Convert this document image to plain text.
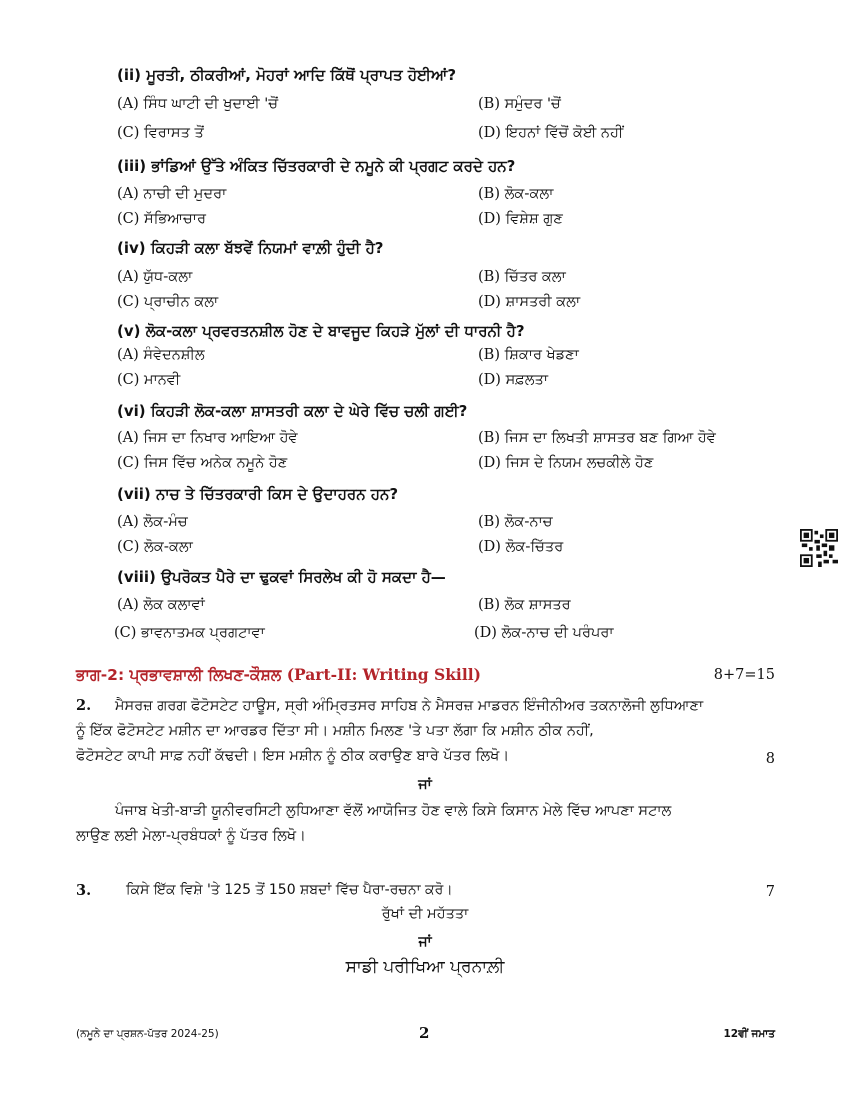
(ii) ਮੂਰਤੀ, ਠੀਕਰੀਆਂ, ਮੋਹਰਾਂ ਆਦਿ ਕਿੱਥੋਂ ਪ੍ਰਾਪਤ ਹੋਈਆਂ?
(A) ਸਿੰਧ ਘਾਟੀ ਦੀ ਖੁਦਾਈ 'ਚੋਂ	(B) ਸਮੁੰਦਰ 'ਚੋਂ
(C) ਵਿਰਾਸਤ ਤੋਂ	(D) ਇਹਨਾਂ ਵਿੱਚੋਂ ਕੋਈ ਨਹੀਂ
(iii) ਭਾਂਡਿਆਂ ਉੱਤੇ ਅੰਕਿਤ ਚਿੱਤਰਕਾਰੀ ਦੇ ਨਮੂਨੇ ਕੀ ਪ੍ਰਗਟ ਕਰਦੇ ਹਨ?
(A) ਨਾਚੀ ਦੀ ਮੁਦਰਾ	(B) ਲੋਕ-ਕਲਾ
(C) ਸੱਭਿਆਚਾਰ	(D) ਵਿਸ਼ੇਸ਼ ਗੁਣ
(iv) ਕਿਹੜੀ ਕਲਾ ਬੱਝਵੇਂ ਨਿਯਮਾਂ ਵਾਲ਼ੀ ਹੁੰਦੀ ਹੈ?
(A) ਯੁੱਧ-ਕਲਾ	(B) ਚਿੱਤਰ ਕਲਾ
(C) ਪ੍ਰਾਚੀਨ ਕਲਾ	(D) ਸ਼ਾਸਤਰੀ ਕਲਾ
(v) ਲੋਕ-ਕਲਾ ਪ੍ਰਵਰਤਨਸ਼ੀਲ ਹੋਣ ਦੇ ਬਾਵਜੂਦ ਕਿਹੜੇ ਮੁੱਲਾਂ ਦੀ ਧਾਰਨੀ ਹੈ?
(A) ਸੰਵੇਦਨਸ਼ੀਲ	(B) ਸ਼ਿਕਾਰ ਖੇਡਣਾ
(C) ਮਾਨਵੀ	(D) ਸਫ਼ਲਤਾ
(vi) ਕਿਹੜੀ ਲੋਕ-ਕਲਾ ਸ਼ਾਸਤਰੀ ਕਲਾ ਦੇ ਘੇਰੇ ਵਿੱਚ ਚਲੀ ਗਈ?
(A) ਜਿਸ ਦਾ ਨਿਖਾਰ ਆਇਆ ਹੋਵੇ	(B) ਜਿਸ ਦਾ ਲਿਖਤੀ ਸ਼ਾਸਤਰ ਬਣ ਗਿਆ ਹੋਵੇ
(C) ਜਿਸ ਵਿੱਚ ਅਨੇਕ ਨਮੂਨੇ ਹੋਣ	(D) ਜਿਸ ਦੇ ਨਿਯਮ ਲਚਕੀਲੇ ਹੋਣ
(vii) ਨਾਚ ਤੇ ਚਿੱਤਰਕਾਰੀ ਕਿਸ ਦੇ ਉਦਾਹਰਨ ਹਨ?
(A) ਲੋਕ-ਮੰਚ	(B) ਲੋਕ-ਨਾਚ
(C) ਲੋਕ-ਕਲਾ	(D) ਲੋਕ-ਚਿੱਤਰ
(viii) ਉਪਰੋਕਤ ਪੈਰੇ ਦਾ ਢੁਕਵਾਂ ਸਿਰਲੇਖ ਕੀ ਹੋ ਸਕਦਾ ਹੈ—
(A) ਲੋਕ ਕਲਾਵਾਂ	(B) ਲੋਕ ਸ਼ਾਸਤਰ
(C) ਭਾਵਨਾਤਮਕ ਪ੍ਰਗਟਾਵਾ	(D) ਲੋਕ-ਨਾਚ ਦੀ ਪਰੰਪਰਾ
ਭਾਗ-2: ਪ੍ਰਭਾਵਸ਼ਾਲੀ ਲਿਖਣ-ਕੌਸ਼ਲ (Part-II: Writing Skill)	8+7=15
2.	ਮੈਸਰਜ਼ ਗਰਗ ਫੋਟੋਸਟੇਟ ਹਾਊਸ, ਸ੍ਰੀ ਅੰਮ੍ਰਿਤਸਰ ਸਾਹਿਬ ਨੇ ਮੈਸਰਜ਼ ਮਾਡਰਨ ਇੰਜੀਨੀਅਰ ਤਕਨਾਲੋਜੀ ਲੁਧਿਆਣਾ
ਨੂੰ ਇੱਕ ਫੋਟੋਸਟੇਟ ਮਸ਼ੀਨ ਦਾ ਆਰਡਰ ਦਿੱਤਾ ਸੀ। ਮਸ਼ੀਨ ਮਿਲਣ 'ਤੇ ਪਤਾ ਲੱਗਾ ਕਿ ਮਸ਼ੀਨ ਠੀਕ ਨਹੀਂ,
ਫੋਟੋਸਟੇਟ ਕਾਪੀ ਸਾਫ਼ ਨਹੀਂ ਕੱਢਦੀ। ਇਸ ਮਸ਼ੀਨ ਨੂੰ ਠੀਕ ਕਰਾਉਣ ਬਾਰੇ ਪੱਤਰ ਲਿਖੋ।	8
ਜਾਂ
ਪੰਜਾਬ ਖੇਤੀ-ਬਾੜੀ ਯੂਨੀਵਰਸਿਟੀ ਲੁਧਿਆਣਾ ਵੱਲੋਂ ਆਯੋਜਿਤ ਹੋਣ ਵਾਲੇ ਕਿਸੇ ਕਿਸਾਨ ਮੇਲੇ ਵਿੱਚ ਆਪਣਾ ਸਟਾਲ
ਲਾਉਣ ਲਈ ਮੇਲਾ-ਪ੍ਰਬੰਧਕਾਂ ਨੂੰ ਪੱਤਰ ਲਿਖੋ।
3. ਕਿਸੇ ਇੱਕ ਵਿਸ਼ੇ 'ਤੇ 125 ਤੋਂ 150 ਸ਼ਬਦਾਂ ਵਿੱਚ ਪੈਰਾ-ਰਚਨਾ ਕਰੋ।	7
ਰੁੱਖਾਂ ਦੀ ਮਹੱਤਤਾ
ਜਾਂ
ਸਾਡੀ ਪਰੀਖਿਆ ਪ੍ਰਨਾਲ਼ੀ
(ਨਮੂਨੇ ਦਾ ਪ੍ਰਸ਼ਨ-ਪੱਤਰ 2024-25)	2	12ਵੀਂ ਜਮਾਤ
